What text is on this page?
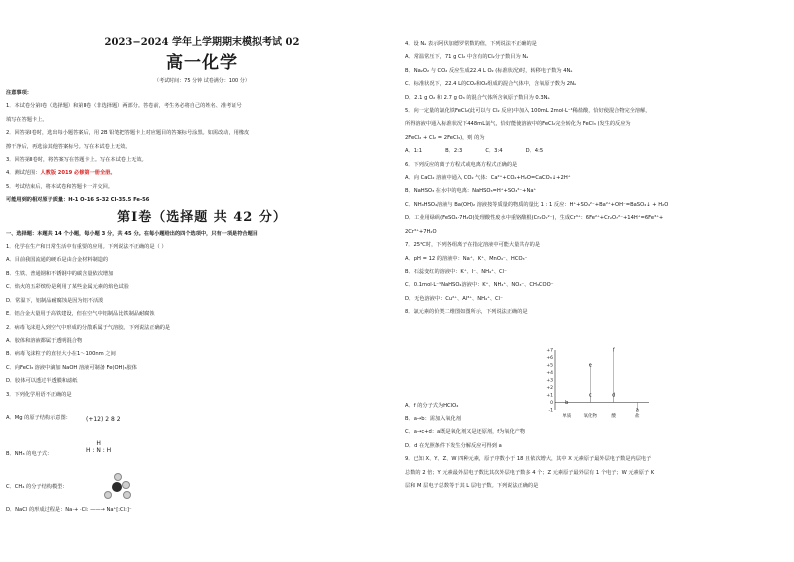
2023−2024 学年上学期期末模拟考试 02
高一化学
（考试时间：75 分钟 试卷满分：100 分）
注意事项：
1．本试卷分第Ⅰ卷（选择题）和第Ⅱ卷（非选择题）两部分。答卷前，考生务必将自己的姓名、准考证号
填写在答题卡上。
2．回答第Ⅰ卷时，选出每小题答案后，用 2B 铅笔把答题卡上对应题目的答案标号涂黑。如需改动，用橡皮
擦干净后，再选涂其他答案标号。写在本试卷上无效。
3．回答第Ⅱ卷时，将答案写在答题卡上。写在本试卷上无效。
4．测试范围：人教版 2019 必修第一册全册。
5．考试结束后，将本试卷和答题卡一并交回。
可能用到的相对原子质量：H-1 O-16 S-32 Cl-35.5 Fe-56
第Ⅰ卷（选择题 共 42 分）
一、选择题：本题共 14 个小题，每小题 3 分，共 45 分。在每小题给出的四个选项中，只有一项是符合题目
1．化学在生产和日常生活中有重要的应用。下列说法不正确的是（ ）
A．目前我国流通的硬币是由合金材料制造的
B．生铁、普通钢和不锈钢中的碳含量依次增加
C．焰火的五彩缤纷是利用了某些金属元素的焰色试验
D．常温下，铝制品耐腐蚀是因为铝不活泼
E．铝合金大量用于高铁建设，但在空气中铝制品比铁制品耐腐蚀
2．病毒飞沫进入到空气中形成的分散系属于气溶胶。下列说法正确的是
A．胶体和溶液都属于透明混合物
B．病毒飞沫粒子的直径大小在1～100nm 之间
C．向FeCl₃ 溶液中滴加 NaOH 溶液可制备 Fe(OH)₃胶体
D．胶体可以透过半透膜和滤纸
3．下列化学用语不正确的是
A．Mg 的原子结构示意图：	(+12) 2 8 2
B．NH₃ 的电子式：
H
H : N : H
C．CH₄ 的分子结构模型：
D．NaCl 的形成过程是：Na·+ ·Cl: ——→ Na⁺[:Cl:]⁻
4．设 Nₐ 表示阿伏加德罗常数的值，下列说法不正确的是
A．常温常压下，71 g Cl₂ 中含有的Cl₂分子数目为 Nₐ
B．Na₂O₂ 与 CO₂ 反应生成22.4 L O₂ (标准状况)时，转移电子数为 4Nₐ
C．标准状况下，22.4 L的CO₂和O₂组成的混合气体中，含氧原子数为 2Nₐ
D．2.1 g O₂ 和 2.7 g O₃ 的混合气体所含氧原子数目为 0.3Nₐ
5．向一定量的氯化铁FeCl₂(此可以与 Cl₂ 反应)中加入 100mL 2mol·L⁻¹稀盐酸，恰好使混合物完全溶解，
所得溶液中通入标准状况下448mL氯气，恰好能使溶液中的FeCl₂完全转化为 FeCl₃ (发生的反应为
2FeCl₂ + Cl₂ = 2FeCl₃)，则 的为
A．1:1              B．2:3              C．3:4              D．4:5
6．下列反应的离子方程式或电离方程式正确的是
A．向 CaCl₂ 溶液中通入 CO₂ 气体：Ca²⁺+CO₂+H₂O=CaCO₃↓+2H⁺
B．NaHSO₃ 在水中的电离：NaHSO₃=H⁺+SO₃²⁻+Na⁺
C．NH₄HSO₄溶液与 Ba(OH)₂ 溶液按等质量的物质的量比 1 : 1 反应：H⁺+SO₄²⁻+Ba²⁺+OH⁻=BaSO₄↓ + H₂O
D．工业用绿矾(FeSO₄·7H₂O)处理酸性废水中重铬酸根(Cr₂O₇²⁻)，生成Cr³⁺：6Fe²⁺+Cr₂O₇²⁻+14H⁺=6Fe³⁺+
2Cr³⁺+7H₂O
7．25℃时，下列各组离子在指定溶液中可能大量共存的是
A．pH = 12 的溶液中：Na⁺、K⁺、MnO₄⁻、HCO₃⁻
B．石蕊变红的溶液中：K⁺、I⁻、NH₄⁺、Cl⁻
C．0.1mol·L⁻¹NaHSO₄溶液中：K⁺、NH₄⁺、NO₃⁻、CH₃COO⁻
D．无色溶液中：Cu²⁺、Al³⁺、NH₄⁺、Cl⁻
8．氯元素的价类二维图如图所示，下列说法正确的是
A．f 的分子式为HClO₄
B．a→b：需加入氧化剂
C．a→c+d：a既是氧化剂又是还原剂，f为氧化产物
D．d 在光照条件下发生分解反应可得到 a
9．已知 X、Y、Z、W 四种元素，原子序数小于 18 且依次增大，其中 X 元素原子最外层电子数是内层电子
总数的 2 倍；Y 元素最外层电子数比其次外层电子数多 4 个；Z 元素原子最外层有 1 个电子；W 元素原子 K
层和 M 层电子总数等于其 L 层电子数。下列说法正确的是
+7
+6
+5
+4
+3
+2
+1
0
-1
单质	氧化物	酸	盐
f
e
d
c
b
a
